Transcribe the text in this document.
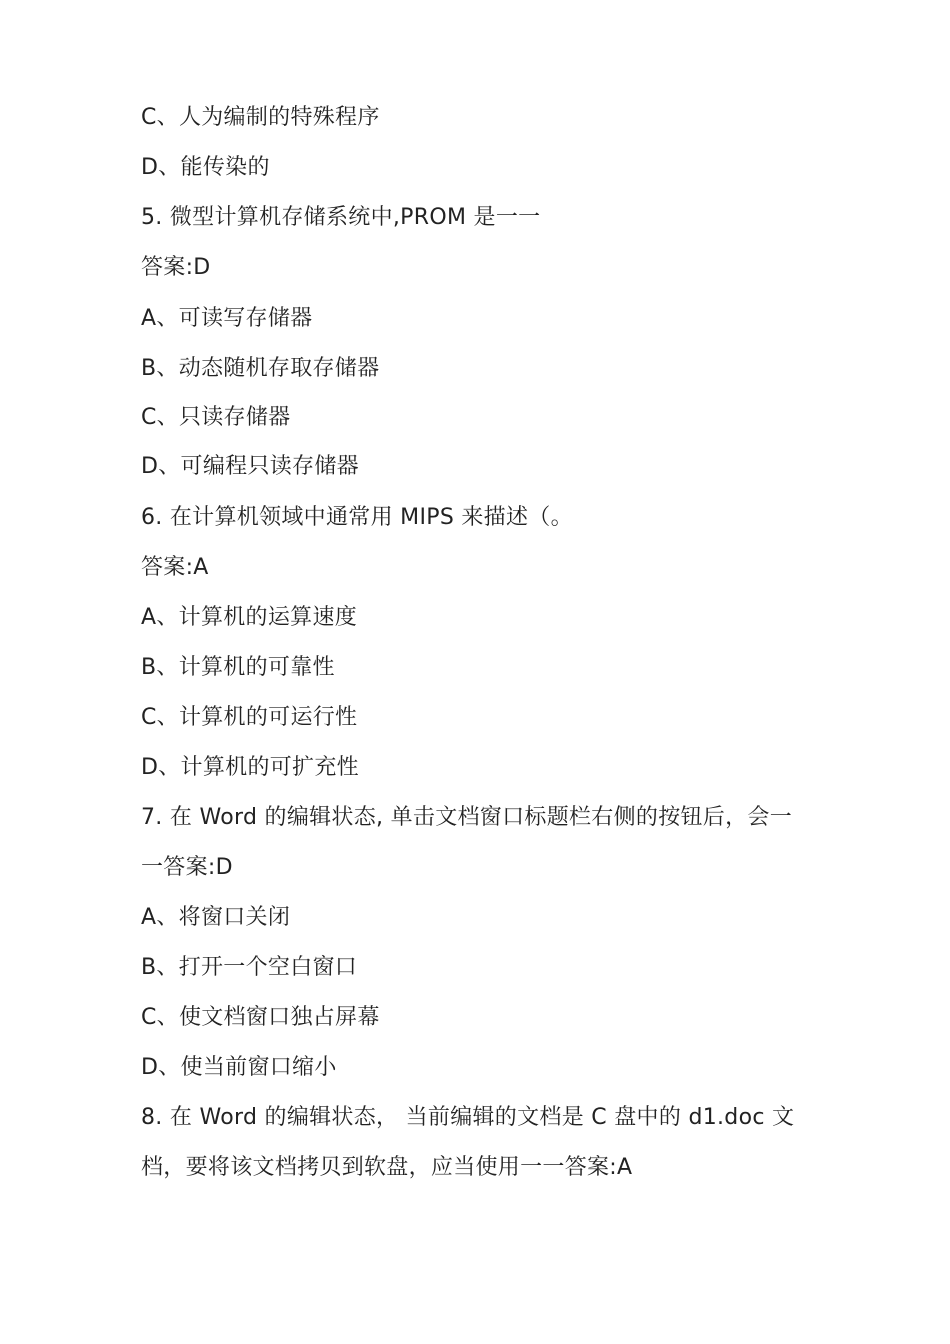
C、人为编制的特殊程序
D、能传染的
5. 微型计算机存储系统中,PROM 是一一
答案:D
A、可读写存储器
B、动态随机存取存储器
C、只读存储器
D、可编程只读存储器
6. 在计算机领域中通常用 MIPS 来描述（。
答案:A
A、计算机的运算速度
B、计算机的可靠性
C、计算机的可运行性
D、计算机的可扩充性
7. 在 Word 的编辑状态, 单击文档窗口标题栏右侧的按钮后，会一
一答案:D
A、将窗口关闭
B、打开一个空白窗口
C、使文档窗口独占屏幕
D、使当前窗口缩小
8. 在 Word 的编辑状态， 当前编辑的文档是 C 盘中的 d1.doc 文
档，要将该文档拷贝到软盘，应当使用一一答案:A
